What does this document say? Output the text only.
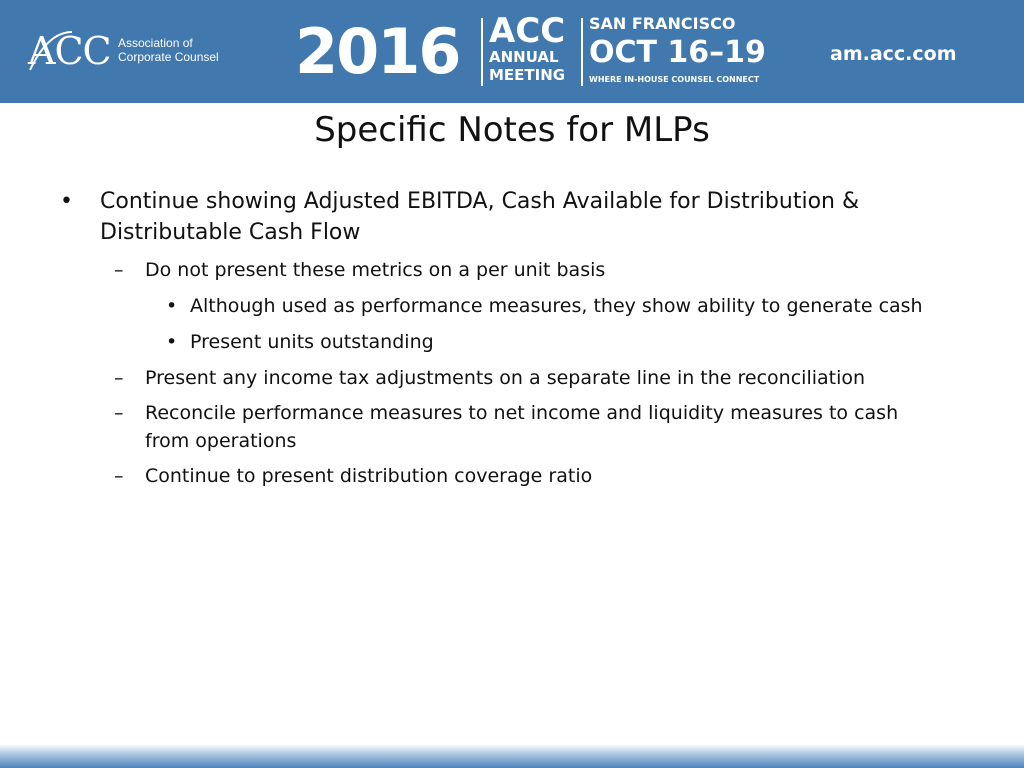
ACC Association of
Corporate Counsel	2016 ACC
ANNUAL
MEETING
SAN FRANCISCO
OCT 16–19
WHERE IN-HOUSE COUNSEL CONNECT
am.acc.com
Specific Notes for MLPs
• Continue showing Adjusted EBITDA, Cash Available for Distribution &
Distributable Cash Flow
– Do not present these metrics on a per unit basis
• Although used as performance measures, they show ability to generate cash
• Present units outstanding
– Present any income tax adjustments on a separate line in the reconciliation
– Reconcile performance measures to net income and liquidity measures to cash
from operations
– Continue to present distribution coverage ratio
